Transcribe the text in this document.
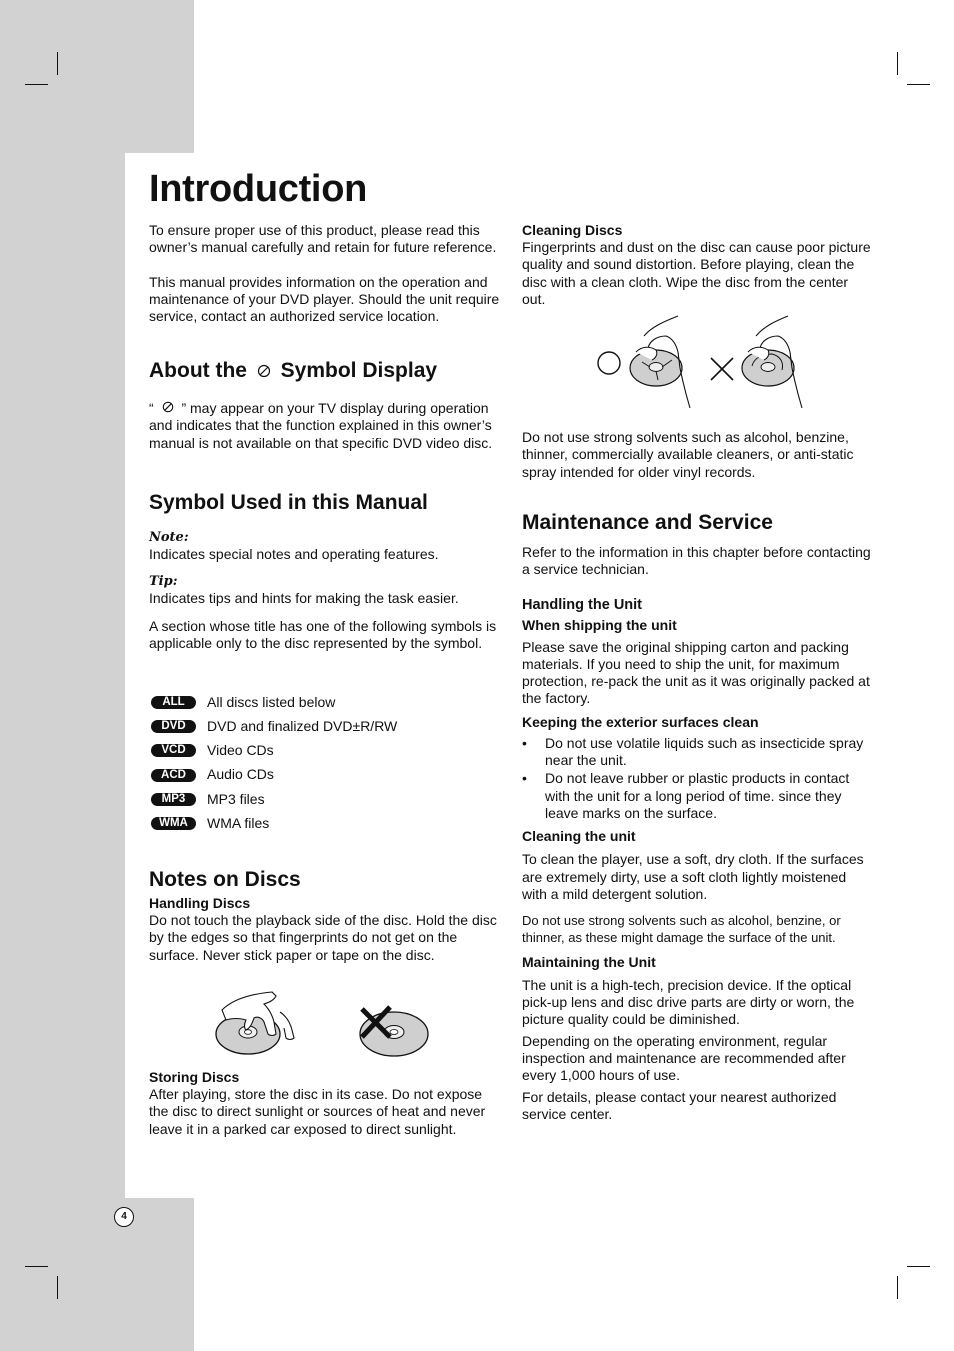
Introduction

To ensure proper use of this product, please read this owner’s manual carefully and retain for future reference.

This manual provides information on the operation and maintenance of your DVD player. Should the unit require service, contact an authorized service location.

About the Symbol Display

“ ” may appear on your TV display during operation and indicates that the function explained in this owner’s manual is not available on that specific DVD video disc.

Symbol Used in this Manual

Note:

Indicates special notes and operating features.

Tip:

Indicates tips and hints for making the task easier.

A section whose title has one of the following symbols is applicable only to the disc represented by the symbol.

ALL	All discs listed below
DVD	DVD and finalized DVD±R/RW
VCD	Video CDs
ACD	Audio CDs
MP3	MP3 files
WMA	WMA files
Notes on Discs
Handling Discs

Do not touch the playback side of the disc. Hold the disc by the edges so that fingerprints do not get on the surface. Never stick paper or tape on the disc.

Storing Discs

After playing, store the disc in its case. Do not expose the disc to direct sunlight or sources of heat and never leave it in a parked car exposed to direct sunlight.

Cleaning Discs

Fingerprints and dust on the disc can cause poor picture quality and sound distortion. Before playing, clean the disc with a clean cloth. Wipe the disc from the center out.

Do not use strong solvents such as alcohol, benzine, thinner, commercially available cleaners, or anti-static spray intended for older vinyl records.

Maintenance and Service

Refer to the information in this chapter before contacting a service technician.

Handling the Unit
When shipping the unit

Please save the original shipping carton and packing materials. If you need to ship the unit, for maximum protection, re-pack the unit as it was originally packed at the factory.

Keeping the exterior surfaces clean
• Do not use volatile liquids such as insecticide spray near the unit.
• Do not leave rubber or plastic products in contact with the unit for a long period of time. since they leave marks on the surface.
Cleaning the unit

To clean the player, use a soft, dry cloth. If the surfaces are extremely dirty, use a soft cloth lightly moistened with a mild detergent solution.

Do not use strong solvents such as alcohol, benzine, or thinner, as these might damage the surface of the unit.

Maintaining the Unit

The unit is a high-tech, precision device. If the optical pick-up lens and disc drive parts are dirty or worn, the picture quality could be diminished.

Depending on the operating environment, regular inspection and maintenance are recommended after every 1,000 hours of use.

For details, please contact your nearest authorized service center.

4
